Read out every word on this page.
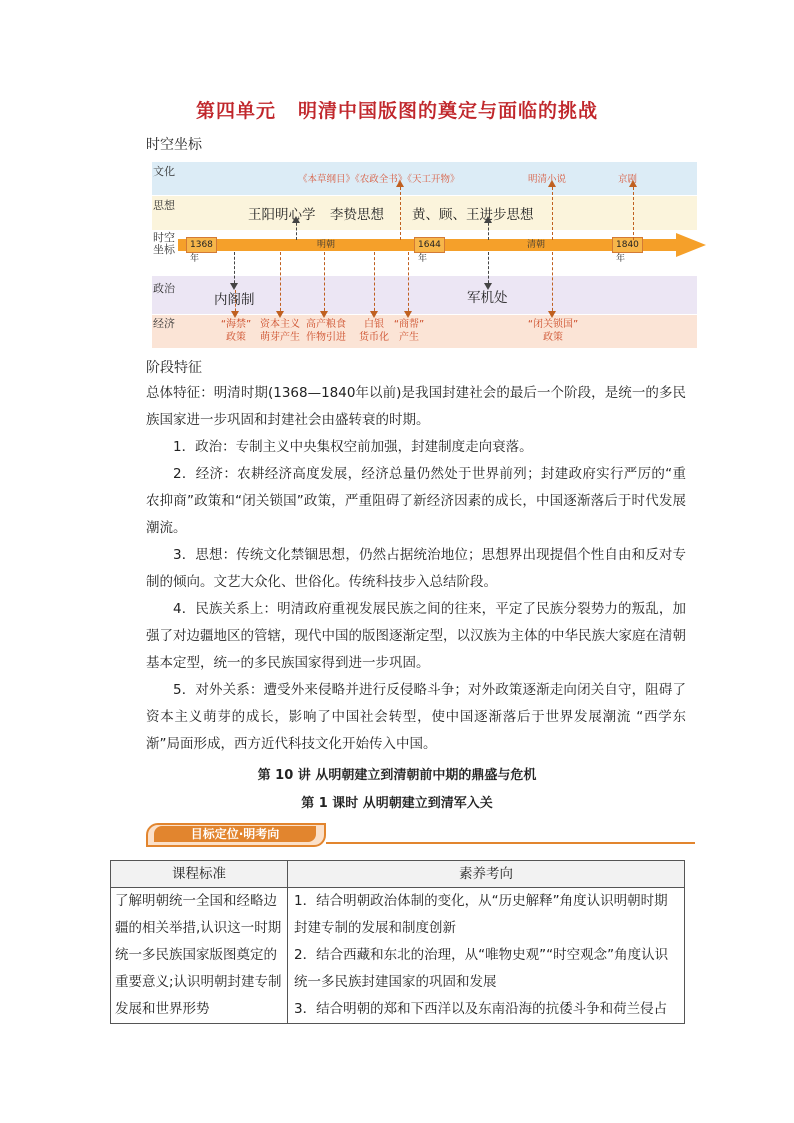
第四单元 明清中国版图的奠定与面临的挑战
时空坐标
文化
思想
时空坐标
政治
经济
《本草纲目》《农政全书》《天工开物》	明清小说	京剧
王阳明心学 李贽思想 黄、顾、王进步思想
1368 年
1644 年
1840 年
明朝	清朝
内阁制	军机处
“海禁”
政策
资本主义
萌芽产生
高产粮食
作物引进
白银
货币化
“商帮”
产生
“闭关锁国”
政策
阶段特征

总体特征：明清时期(1368—1840年以前)是我国封建社会的最后一个阶段，是统一的多民族国家进一步巩固和封建社会由盛转衰的时期。

1．政治：专制主义中央集权空前加强，封建制度走向衰落。

2．经济：农耕经济高度发展，经济总量仍然处于世界前列；封建政府实行严厉的“重农抑商”政策和“闭关锁国”政策，严重阻碍了新经济因素的成长，中国逐渐落后于时代发展潮流。

3．思想：传统文化禁锢思想，仍然占据统治地位；思想界出现提倡个性自由和反对专制的倾向。文艺大众化、世俗化。传统科技步入总结阶段。

4．民族关系上：明清政府重视发展民族之间的往来，平定了民族分裂势力的叛乱，加强了对边疆地区的管辖，现代中国的版图逐渐定型，以汉族为主体的中华民族大家庭在清朝基本定型，统一的多民族国家得到进一步巩固。

5．对外关系：遭受外来侵略并进行反侵略斗争；对外政策逐渐走向闭关自守，阻碍了资本主义萌芽的成长，影响了中国社会转型，使中国逐渐落后于世界发展潮流 “西学东渐”局面形成，西方近代科技文化开始传入中国。

第 10 讲 从明朝建立到清朝前中期的鼎盛与危机
第 1 课时 从明朝建立到清军入关
目标定位·明考向
课程标准	素养考向
了解明朝统一全国和经略边疆的相关举措,认识这一时期统一多民族国家版图奠定的重要意义;认识明朝封建专制发展和世界形势	1．结合明朝政治体制的变化，从“历史解释”角度认识明朝时期封建专制的发展和制度创新
2．结合西藏和东北的治理，从“唯物史观”“时空观念”角度认识统一多民族封建国家的巩固和发展
3．结合明朝的郑和下西洋以及东南沿海的抗倭斗争和荷兰侵占
